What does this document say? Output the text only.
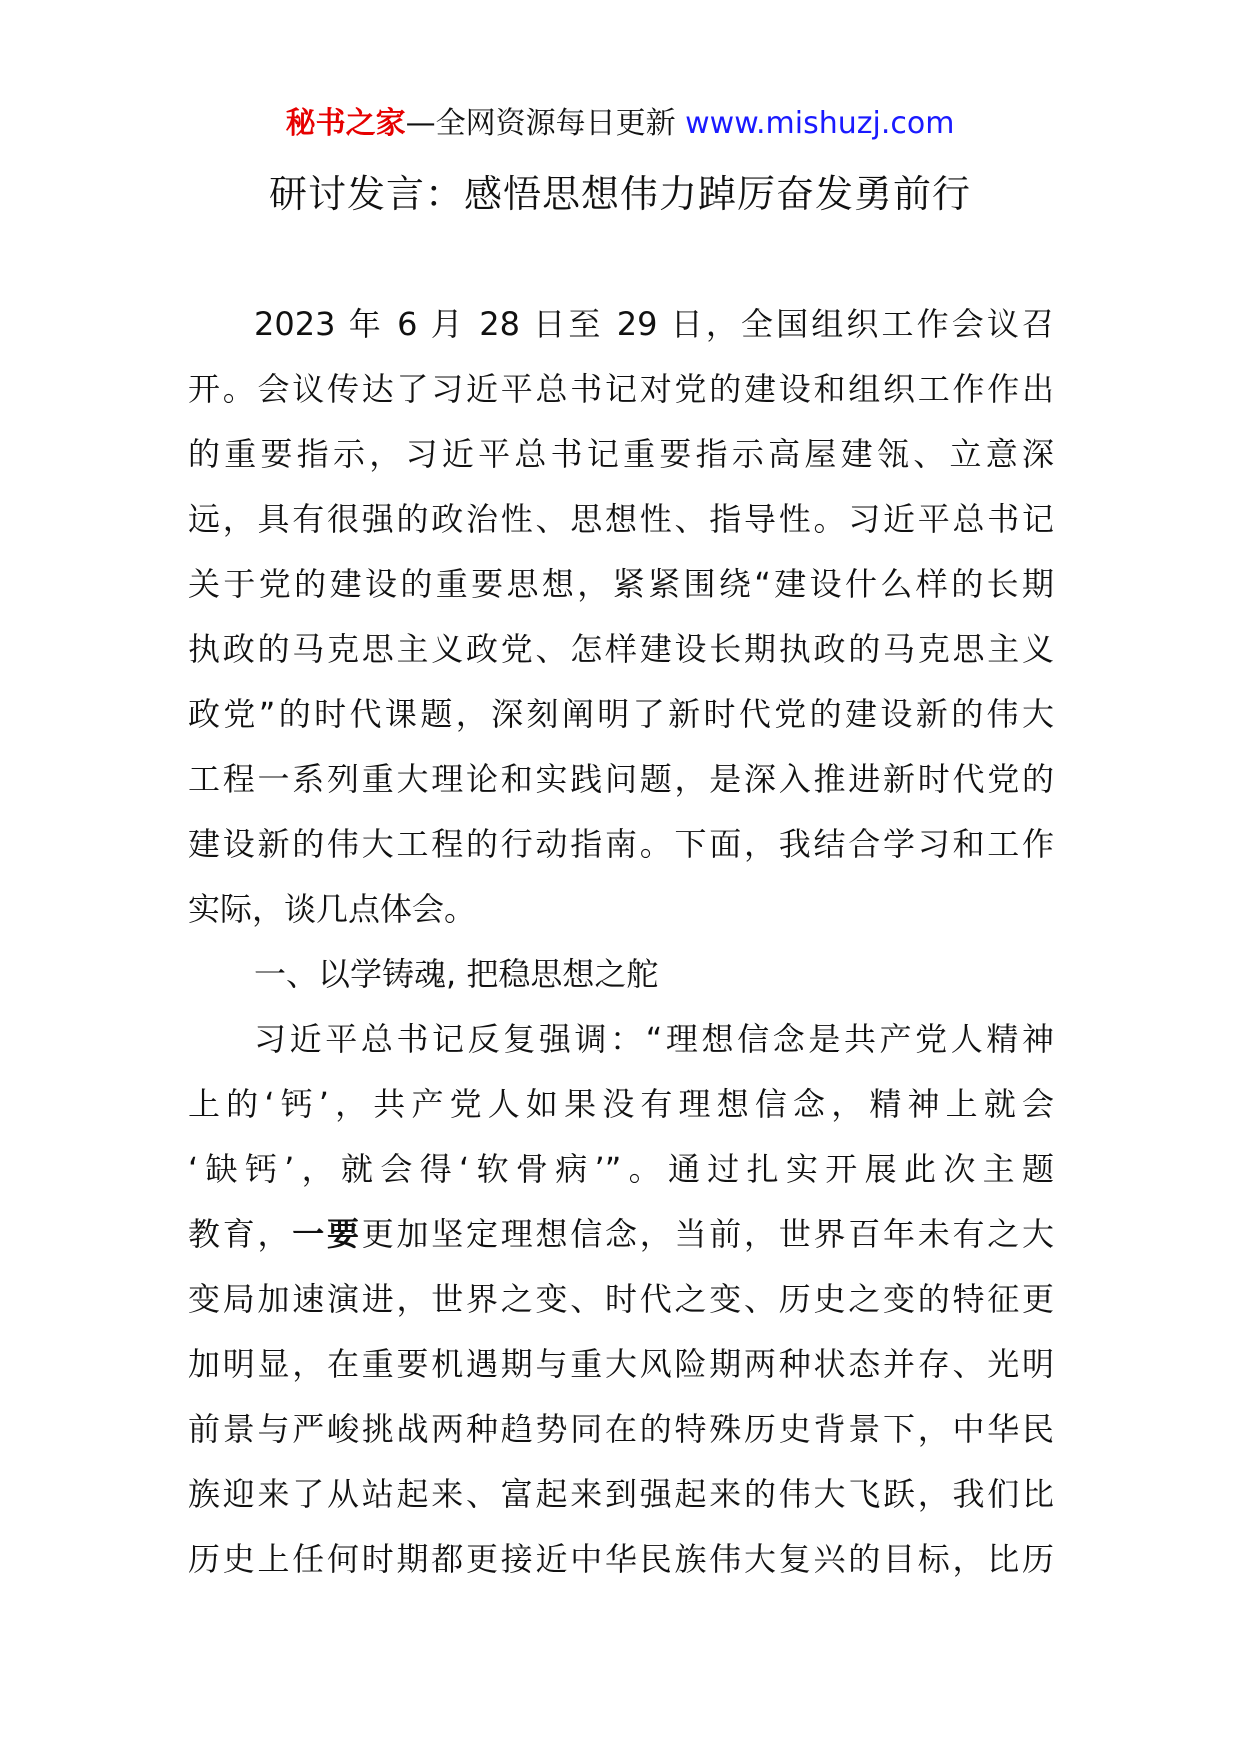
秘书之家—全网资源每日更新 www.mishuzj.com
研讨发言：感悟思想伟力踔厉奋发勇前行
2023 年 6 月 28 日至 29 日，全国组织工作会议召
开。会议传达了习近平总书记对党的建设和组织工作作出
的重要指示，习近平总书记重要指示高屋建瓴、立意深
远，具有很强的政治性、思想性、指导性。习近平总书记
关于党的建设的重要思想，紧紧围绕“建设什么样的长期
执政的马克思主义政党、怎样建设长期执政的马克思主义
政党”的时代课题，深刻阐明了新时代党的建设新的伟大
工程一系列重大理论和实践问题，是深入推进新时代党的
建设新的伟大工程的行动指南。下面，我结合学习和工作
实际，谈几点体会。
一、以学铸魂, 把稳思想之舵
习近平总书记反复强调：“理想信念是共产党人精神
上的‘钙’，共产党人如果没有理想信念，精神上就会
‘缺钙’，就会得‘软骨病’”。通过扎实开展此次主题
教育，一要更加坚定理想信念，当前，世界百年未有之大
变局加速演进，世界之变、时代之变、历史之变的特征更
加明显，在重要机遇期与重大风险期两种状态并存、光明
前景与严峻挑战两种趋势同在的特殊历史背景下，中华民
族迎来了从站起来、富起来到强起来的伟大飞跃，我们比
历史上任何时期都更接近中华民族伟大复兴的目标，比历
